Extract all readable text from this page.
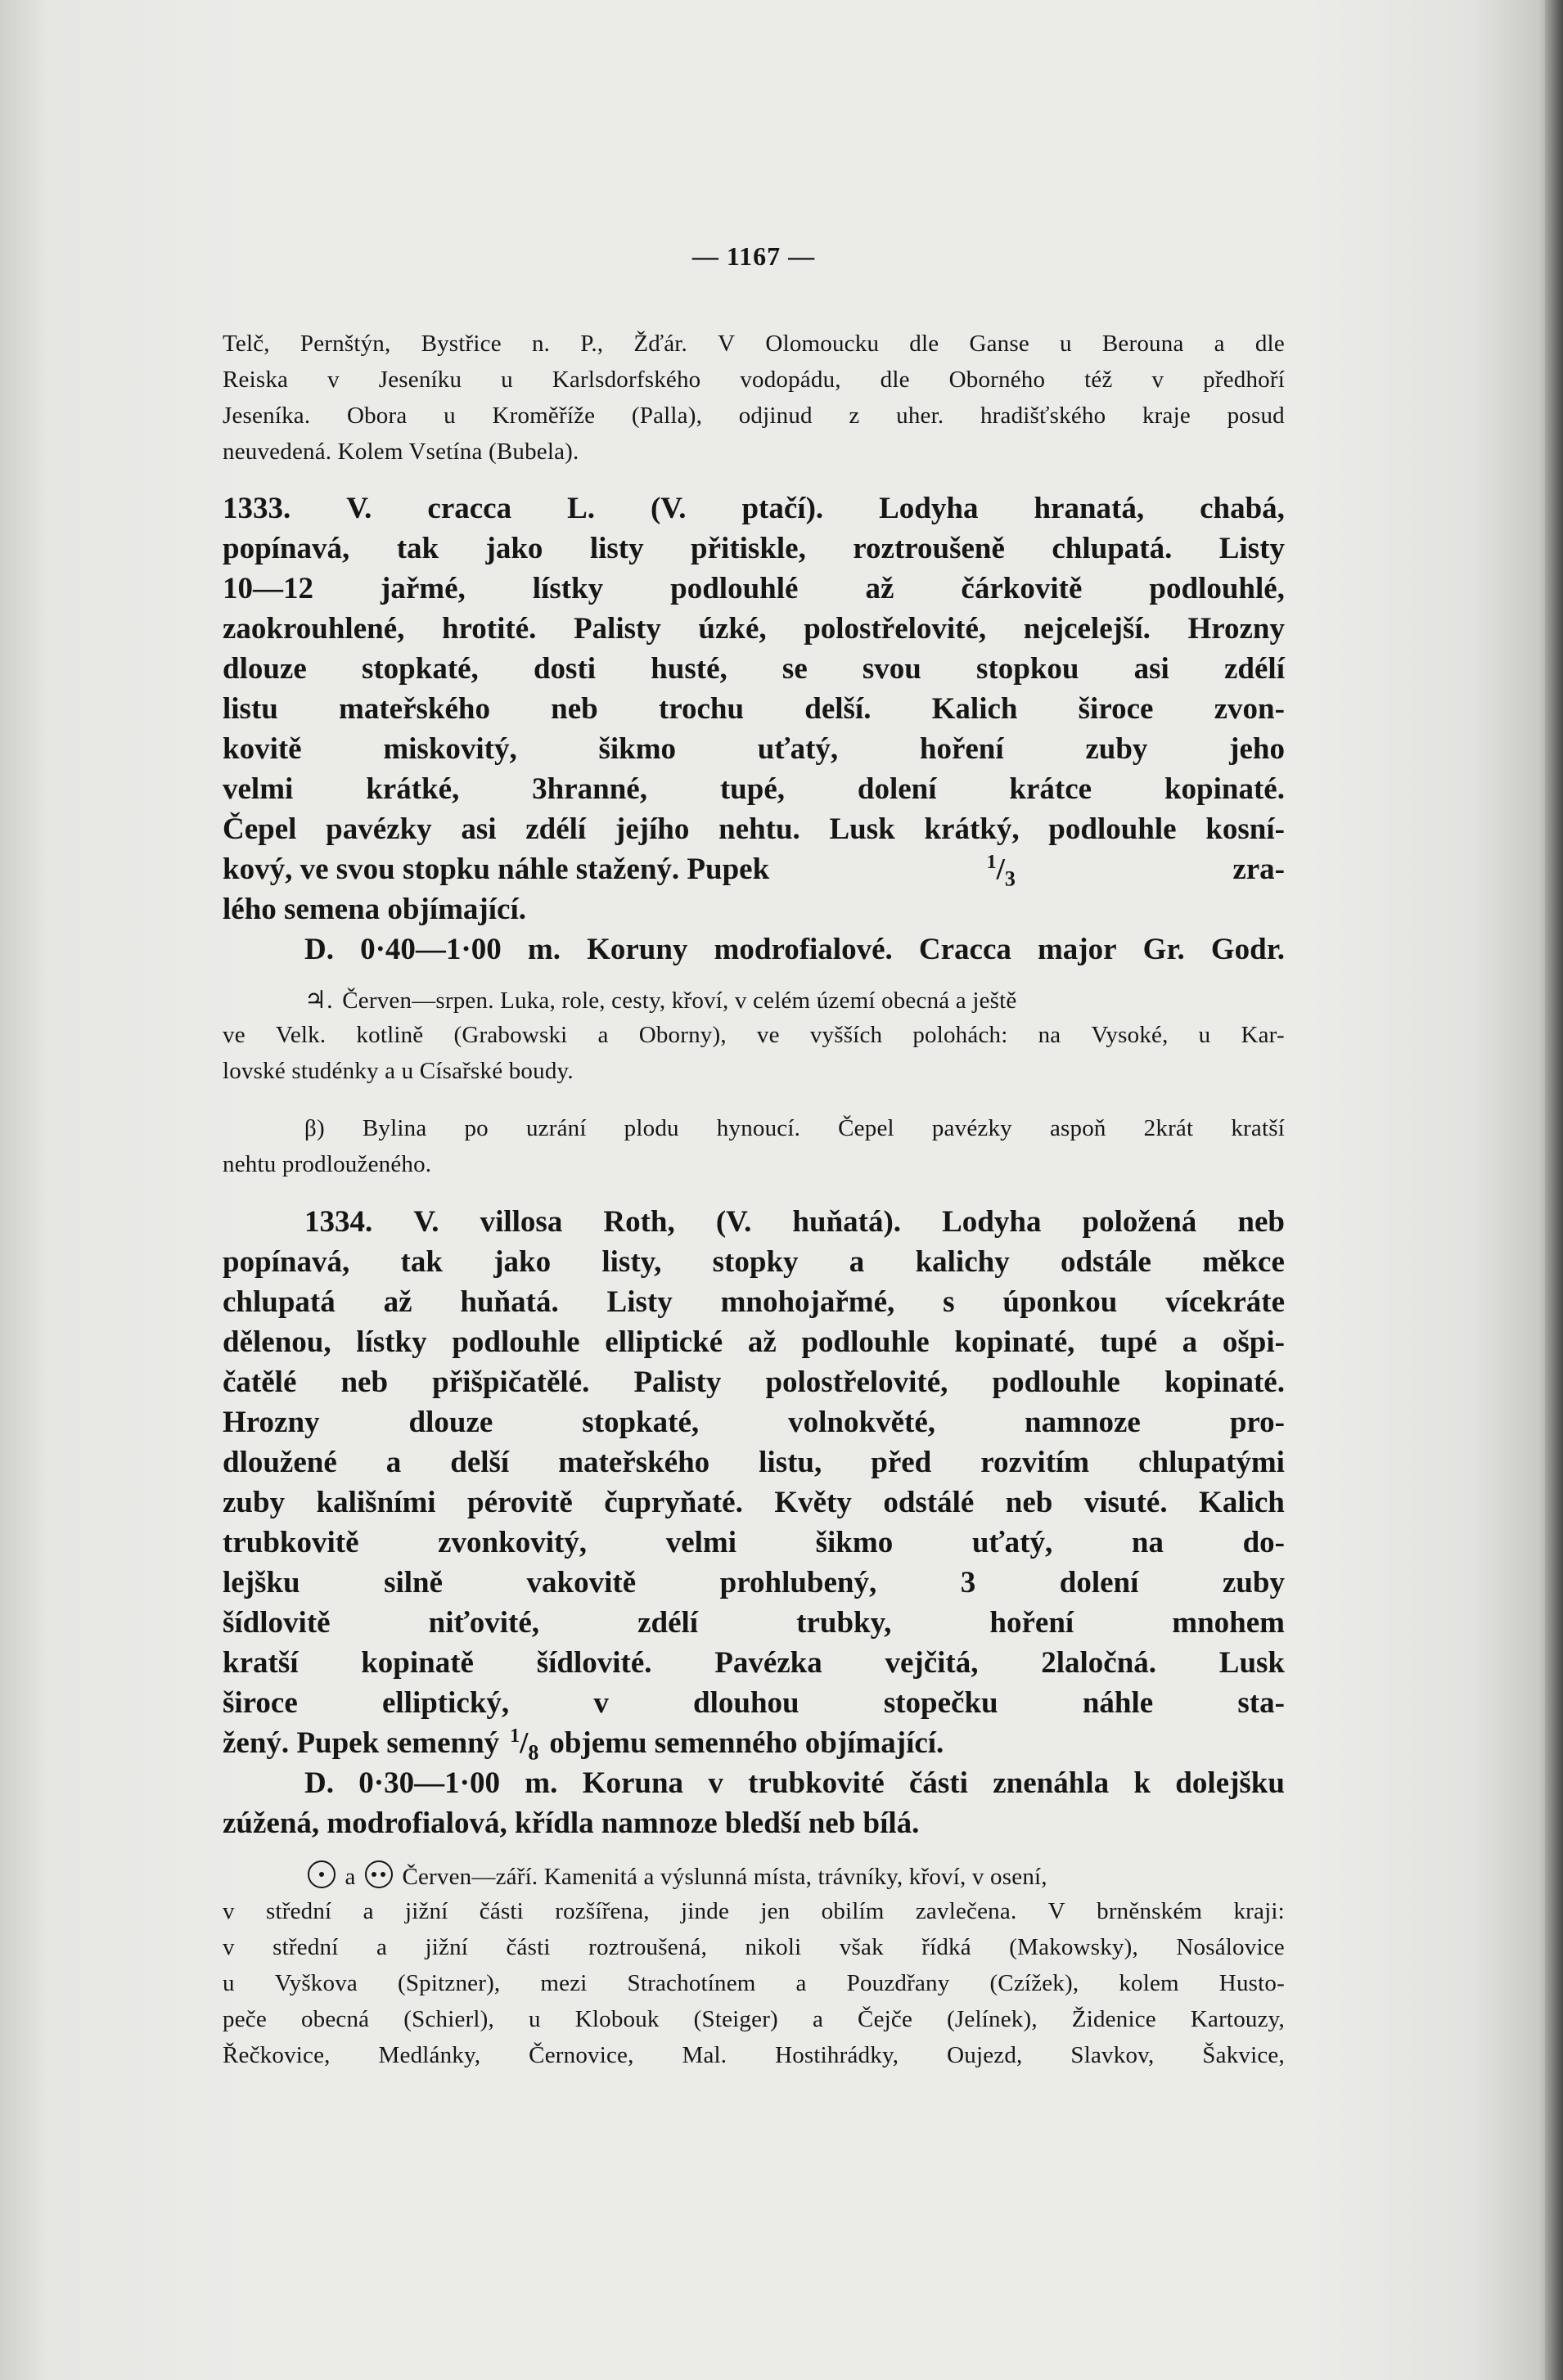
— 1167 —
Telč, Pernštýn, Bystřice n. P., Žďár. V Olomoucku dle Ganse u Berouna a dle
Reiska v Jeseníku u Karlsdorfského vodopádu, dle Oborného též v předhoří
Jeseníka. Obora u Kroměříže (Palla), odjinud z uher. hradišťského kraje posud
neuvedená. Kolem Vsetína (Bubela).
1333. V. cracca L. (V. ptačí). Lodyha hranatá, chabá,
popínavá, tak jako listy přitiskle, roztroušeně chlupatá. Listy
10—12 jařmé, lístky podlouhlé až čárkovitě podlouhlé,
zaokrouhlené, hrotité. Palisty úzké, polostřelovité, nejcelejší. Hrozny
dlouze stopkaté, dosti husté, se svou stopkou asi zdélí
listu mateřského neb trochu delší. Kalich široce zvon-
kovitě	miskovitý,	šikmo	uťatý,	hoření	zuby	jeho
velmi krátké, 3hranné, tupé, dolení krátce kopinaté.
Čepel pavézky asi zdélí jejího nehtu. Lusk krátký, podlouhle kosní-
kový, ve svou stopku náhle stažený. Pupek	$^1/_3$	zra-
lého semena objímající.
D. 0·40—1·00 m. Koruny modrofialové. Cracca major Gr. Godr.
♃. Červen—srpen. Luka, role, cesty, křoví, v celém území obecná a ještě
ve Velk. kotlině (Grabowski a Oborny), ve vyšších polohách: na Vysoké, u Kar-
lovské studénky a u Císařské boudy.
β) Bylina po uzrání plodu hynoucí. Čepel pavézky aspoň 2krát kratší
nehtu prodlouženého.
1334. V. villosa Roth, (V. huňatá). Lodyha položená neb
popínavá, tak jako listy, stopky a kalichy odstále měkce
chlupatá až huňatá. Listy mnohojařmé, s úponkou vícekráte
dělenou, lístky podlouhle elliptické až podlouhle kopinaté, tupé a ošpi-
čatělé neb přišpičatělé. Palisty polostřelovité, podlouhle kopinaté.
Hrozny	dlouze	stopkaté,	volnokvěté,	namnoze	pro-
dloužené a delší mateřského listu, před rozvitím chlupatými
zuby kališními pérovitě čupryňaté. Květy odstálé neb visuté. Kalich
trubkovitě	zvonkovitý,	velmi	šikmo	uťatý,	na	do-
lejšku	silně	vakovitě	prohlubený,	3	dolení	zuby
šídlovitě	niťovité,	zdélí	trubky,	hoření	mnohem
kratší kopinatě šídlovité. Pavézka vejčitá, 2laločná. Lusk
široce	elliptický,	v	dlouhou	stopečku	náhle	sta-
žený. Pupek semenný $^1/_8$ objemu semenného objímající.
D. 0·30—1·00 m. Koruna v trubkovité části znenáhla k dolejšku
zúžená, modrofialová, křídla namnoze bledší neb bílá.
a Červen—září. Kamenitá a výslunná místa, trávníky, křoví, v osení,
v střední a jižní části rozšířena, jinde jen obilím zavlečena. V brněnském kraji:
v střední a jižní části roztroušená, nikoli však řídká (Makowsky), Nosálovice
u Vyškova (Spitzner), mezi Strachotínem a Pouzdřany (Czížek), kolem Husto-
peče obecná (Schierl), u Klobouk (Steiger) a Čejče (Jelínek), Židenice Kartouzy,
Řečkovice, Medlánky, Černovice, Mal. Hostihrádky, Oujezd, Slavkov, Šakvice,
